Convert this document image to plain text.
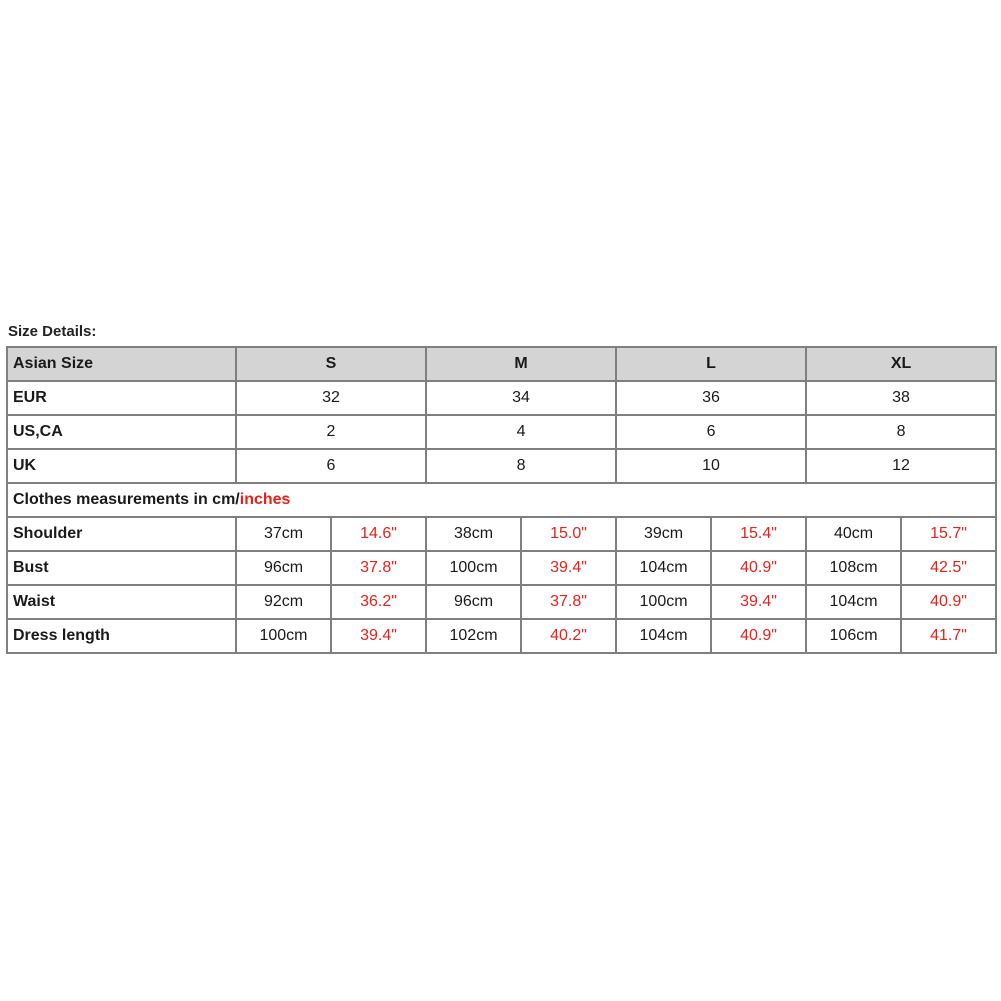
Size Details:
Asian Size	S		M		L		XL	
EUR	32		34		36		38	
US,CA	2		4		6		8	
UK	6		8		10		12	
Clothes measurements in cm/inches								
Shoulder	37cm	14.6"	38cm	15.0"	39cm	15.4"	40cm	15.7"
Bust	96cm	37.8"	100cm	39.4"	104cm	40.9"	108cm	42.5"
Waist	92cm	36.2"	96cm	37.8"	100cm	39.4"	104cm	40.9"
Dress length	100cm	39.4"	102cm	40.2"	104cm	40.9"	106cm	41.7"
